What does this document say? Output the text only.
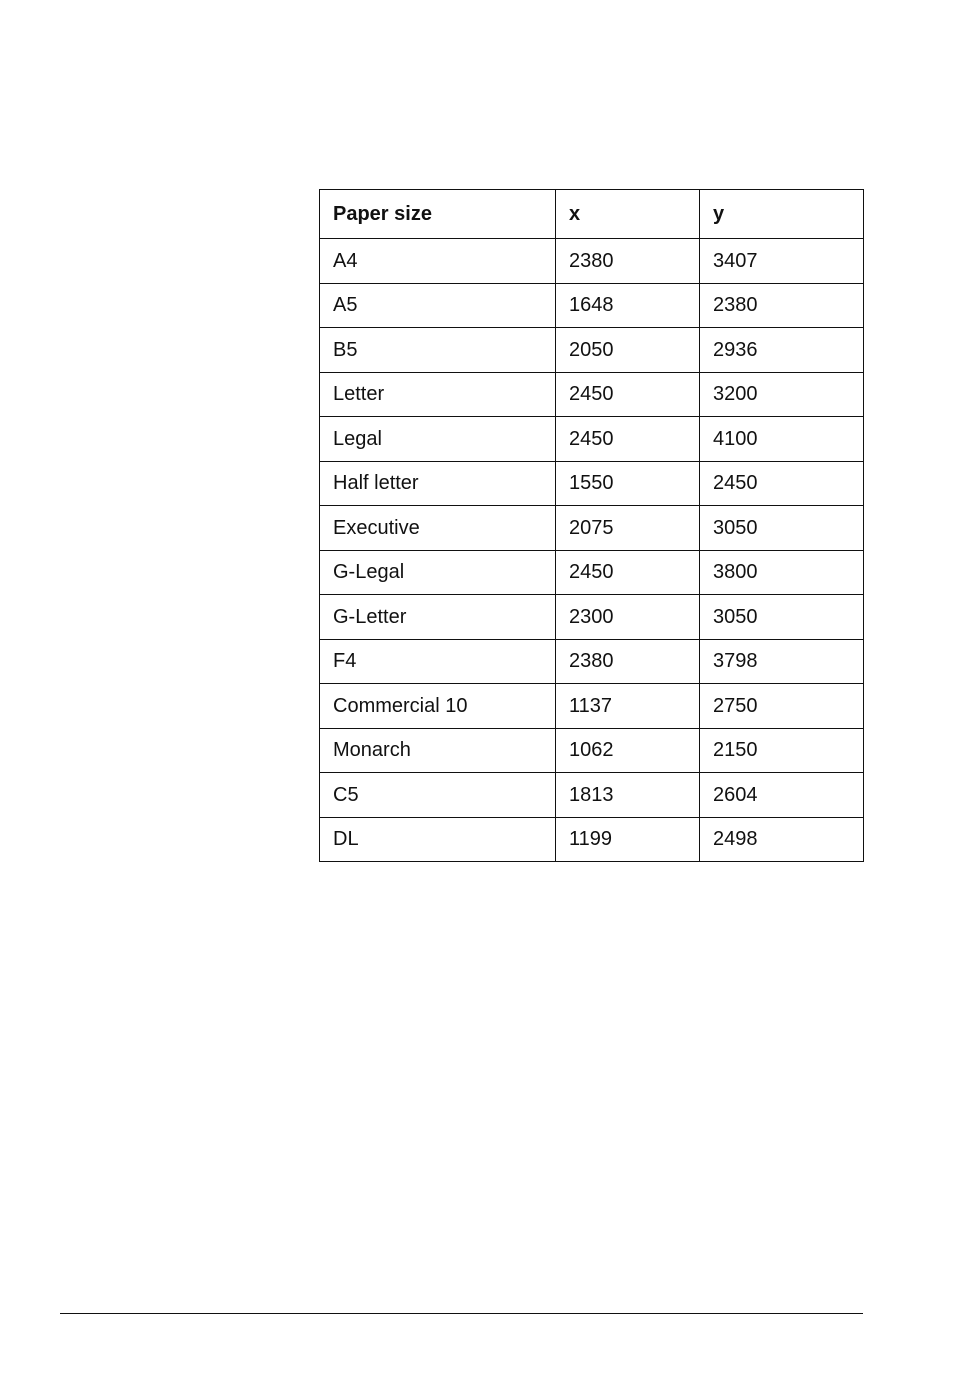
Paper size	x	y
A4	2380	3407
A5	1648	2380
B5	2050	2936
Letter	2450	3200
Legal	2450	4100
Half letter	1550	2450
Executive	2075	3050
G-Legal	2450	3800
G-Letter	2300	3050
F4	2380	3798
Commercial 10	1137	2750
Monarch	1062	2150
C5	1813	2604
DL	1199	2498
